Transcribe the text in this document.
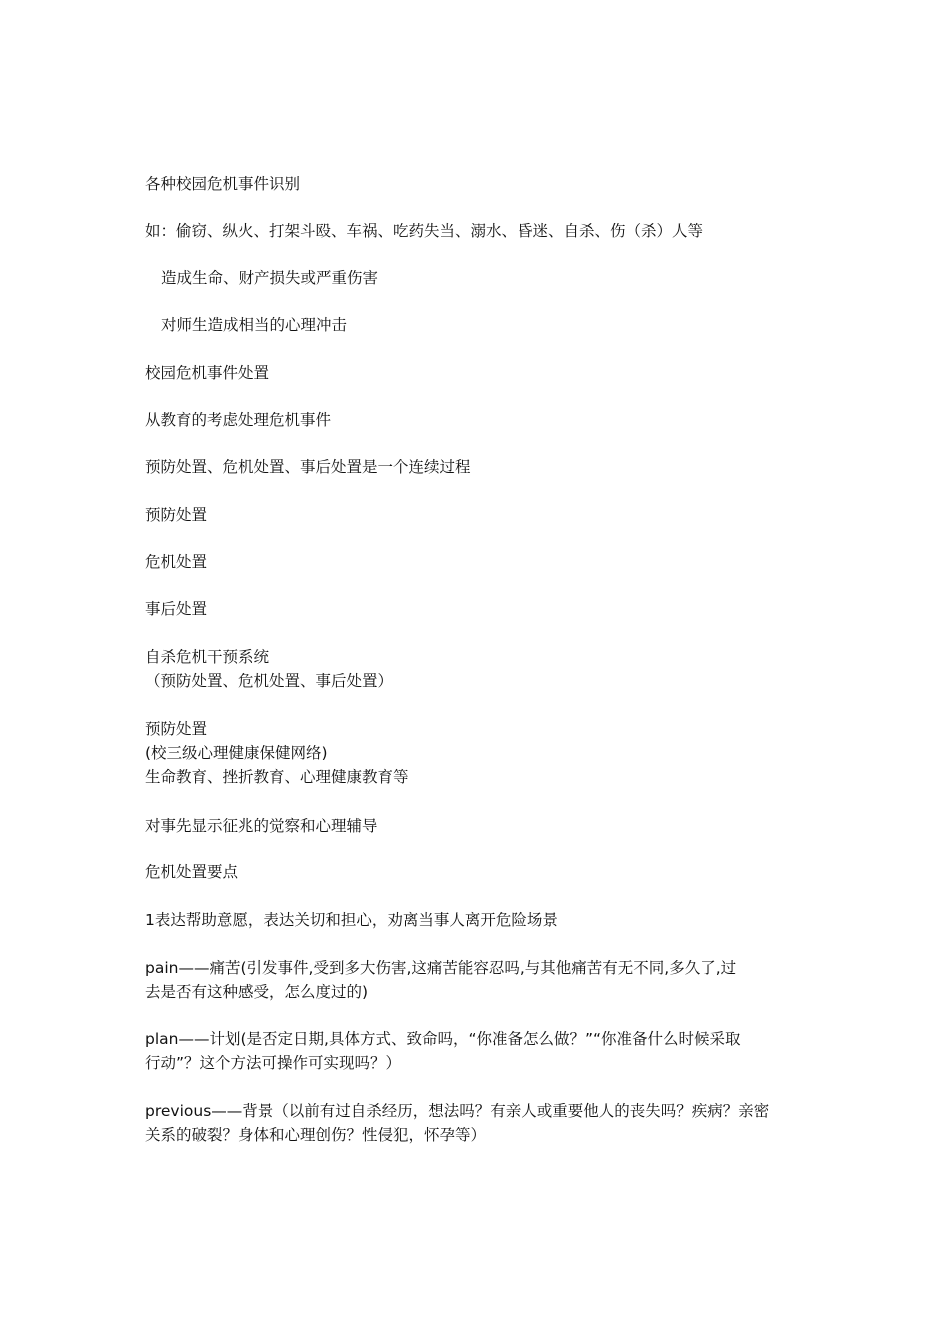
各种校园危机事件识别
如：偷窃、纵火、打架斗殴、车祸、吃药失当、溺水、昏迷、自杀、伤（杀）人等
造成生命、财产损失或严重伤害
对师生造成相当的心理冲击
校园危机事件处置
从教育的考虑处理危机事件
预防处置、危机处置、事后处置是一个连续过程
预防处置
危机处置
事后处置
自杀危机干预系统
（预防处置、危机处置、事后处置）
预防处置
(校三级心理健康保健网络)
生命教育、挫折教育、心理健康教育等
对事先显示征兆的觉察和心理辅导
危机处置要点
1表达帮助意愿，表达关切和担心，劝离当事人离开危险场景
pain——痛苦(引发事件,受到多大伤害,这痛苦能容忍吗,与其他痛苦有无不同,多久了,过
去是否有这种感受，怎么度过的)
plan——计划(是否定日期,具体方式、致命吗，“你准备怎么做？”“你准备什么时候采取
行动”？这个方法可操作可实现吗？）
previous——背景（以前有过自杀经历，想法吗？有亲人或重要他人的丧失吗？疾病？亲密
关系的破裂？身体和心理创伤？性侵犯，怀孕等）
